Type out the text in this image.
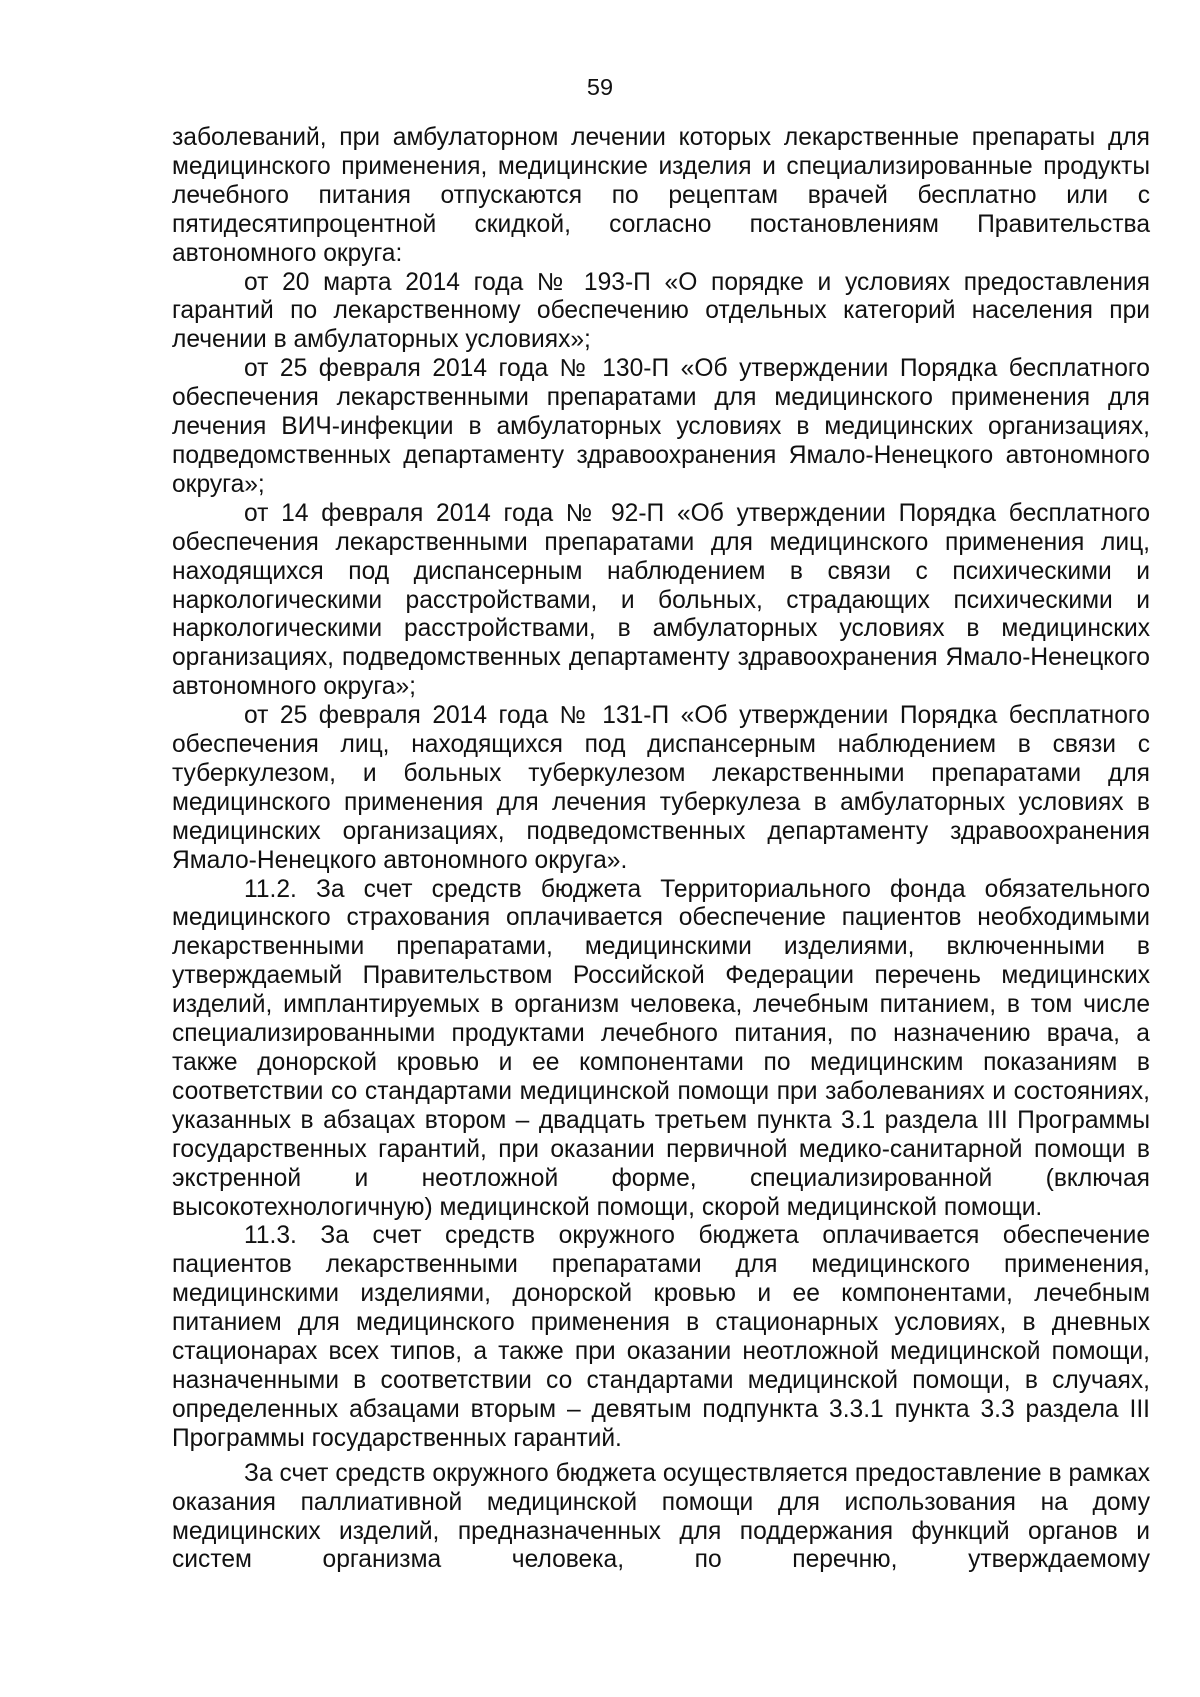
59

заболеваний, при амбулаторном лечении которых лекарственные препараты для медицинского применения, медицинские изделия и специализированные продукты лечебного питания отпускаются по рецептам врачей бесплатно или с пятидесятипроцентной скидкой, согласно постановлениям Правительства автономного округа:

от 20 марта 2014 года № 193-П «О порядке и условиях предоставления гарантий по лекарственному обеспечению отдельных категорий населения при лечении в амбулаторных условиях»;

от 25 февраля 2014 года № 130-П «Об утверждении Порядка бесплатного обеспечения лекарственными препаратами для медицинского применения для лечения ВИЧ-инфекции в амбулаторных условиях в медицинских организациях, подведомственных департаменту здравоохранения Ямало-Ненецкого автономного округа»;

от 14 февраля 2014 года № 92-П «Об утверждении Порядка бесплатного обеспечения лекарственными препаратами для медицинского применения лиц, находящихся под диспансерным наблюдением в связи с психическими и наркологическими расстройствами, и больных, страдающих психическими и наркологическими расстройствами, в амбулаторных условиях в медицинских организациях, подведомственных департаменту здравоохранения Ямало-Ненецкого автономного округа»;

от 25 февраля 2014 года № 131-П «Об утверждении Порядка бесплатного обеспечения лиц, находящихся под диспансерным наблюдением в связи с туберкулезом, и больных туберкулезом лекарственными препаратами для медицинского применения для лечения туберкулеза в амбулаторных условиях в медицинских организациях, подведомственных департаменту здравоохранения Ямало-Ненецкого автономного округа».

11.2. За счет средств бюджета Территориального фонда обязательного медицинского страхования оплачивается обеспечение пациентов необходимыми лекарственными препаратами, медицинскими изделиями, включенными в утверждаемый Правительством Российской Федерации перечень медицинских изделий, имплантируемых в организм человека, лечебным питанием, в том числе специализированными продуктами лечебного питания, по назначению врача, а также донорской кровью и ее компонентами по медицинским показаниям в соответствии со стандартами медицинской помощи при заболеваниях и состояниях, указанных в абзацах втором – двадцать третьем пункта 3.1 раздела III Программы государственных гарантий, при оказании первичной медико-санитарной помощи в экстренной и неотложной форме, специализированной (включая высокотехнологичную) медицинской помощи, скорой медицинской помощи.

11.3. За счет средств окружного бюджета оплачивается обеспечение пациентов лекарственными препаратами для медицинского применения, медицинскими изделиями, донорской кровью и ее компонентами, лечебным питанием для медицинского применения в стационарных условиях, в дневных стационарах всех типов, а также при оказании неотложной медицинской помощи, назначенными в соответствии со стандартами медицинской помощи, в случаях, определенных абзацами вторым – девятым подпункта 3.3.1 пункта 3.3 раздела III Программы государственных гарантий.

За счет средств окружного бюджета осуществляется предоставление в рамках оказания паллиативной медицинской помощи для использования на дому медицинских изделий, предназначенных для поддержания функций органов и систем организма человека, по перечню, утверждаемому
